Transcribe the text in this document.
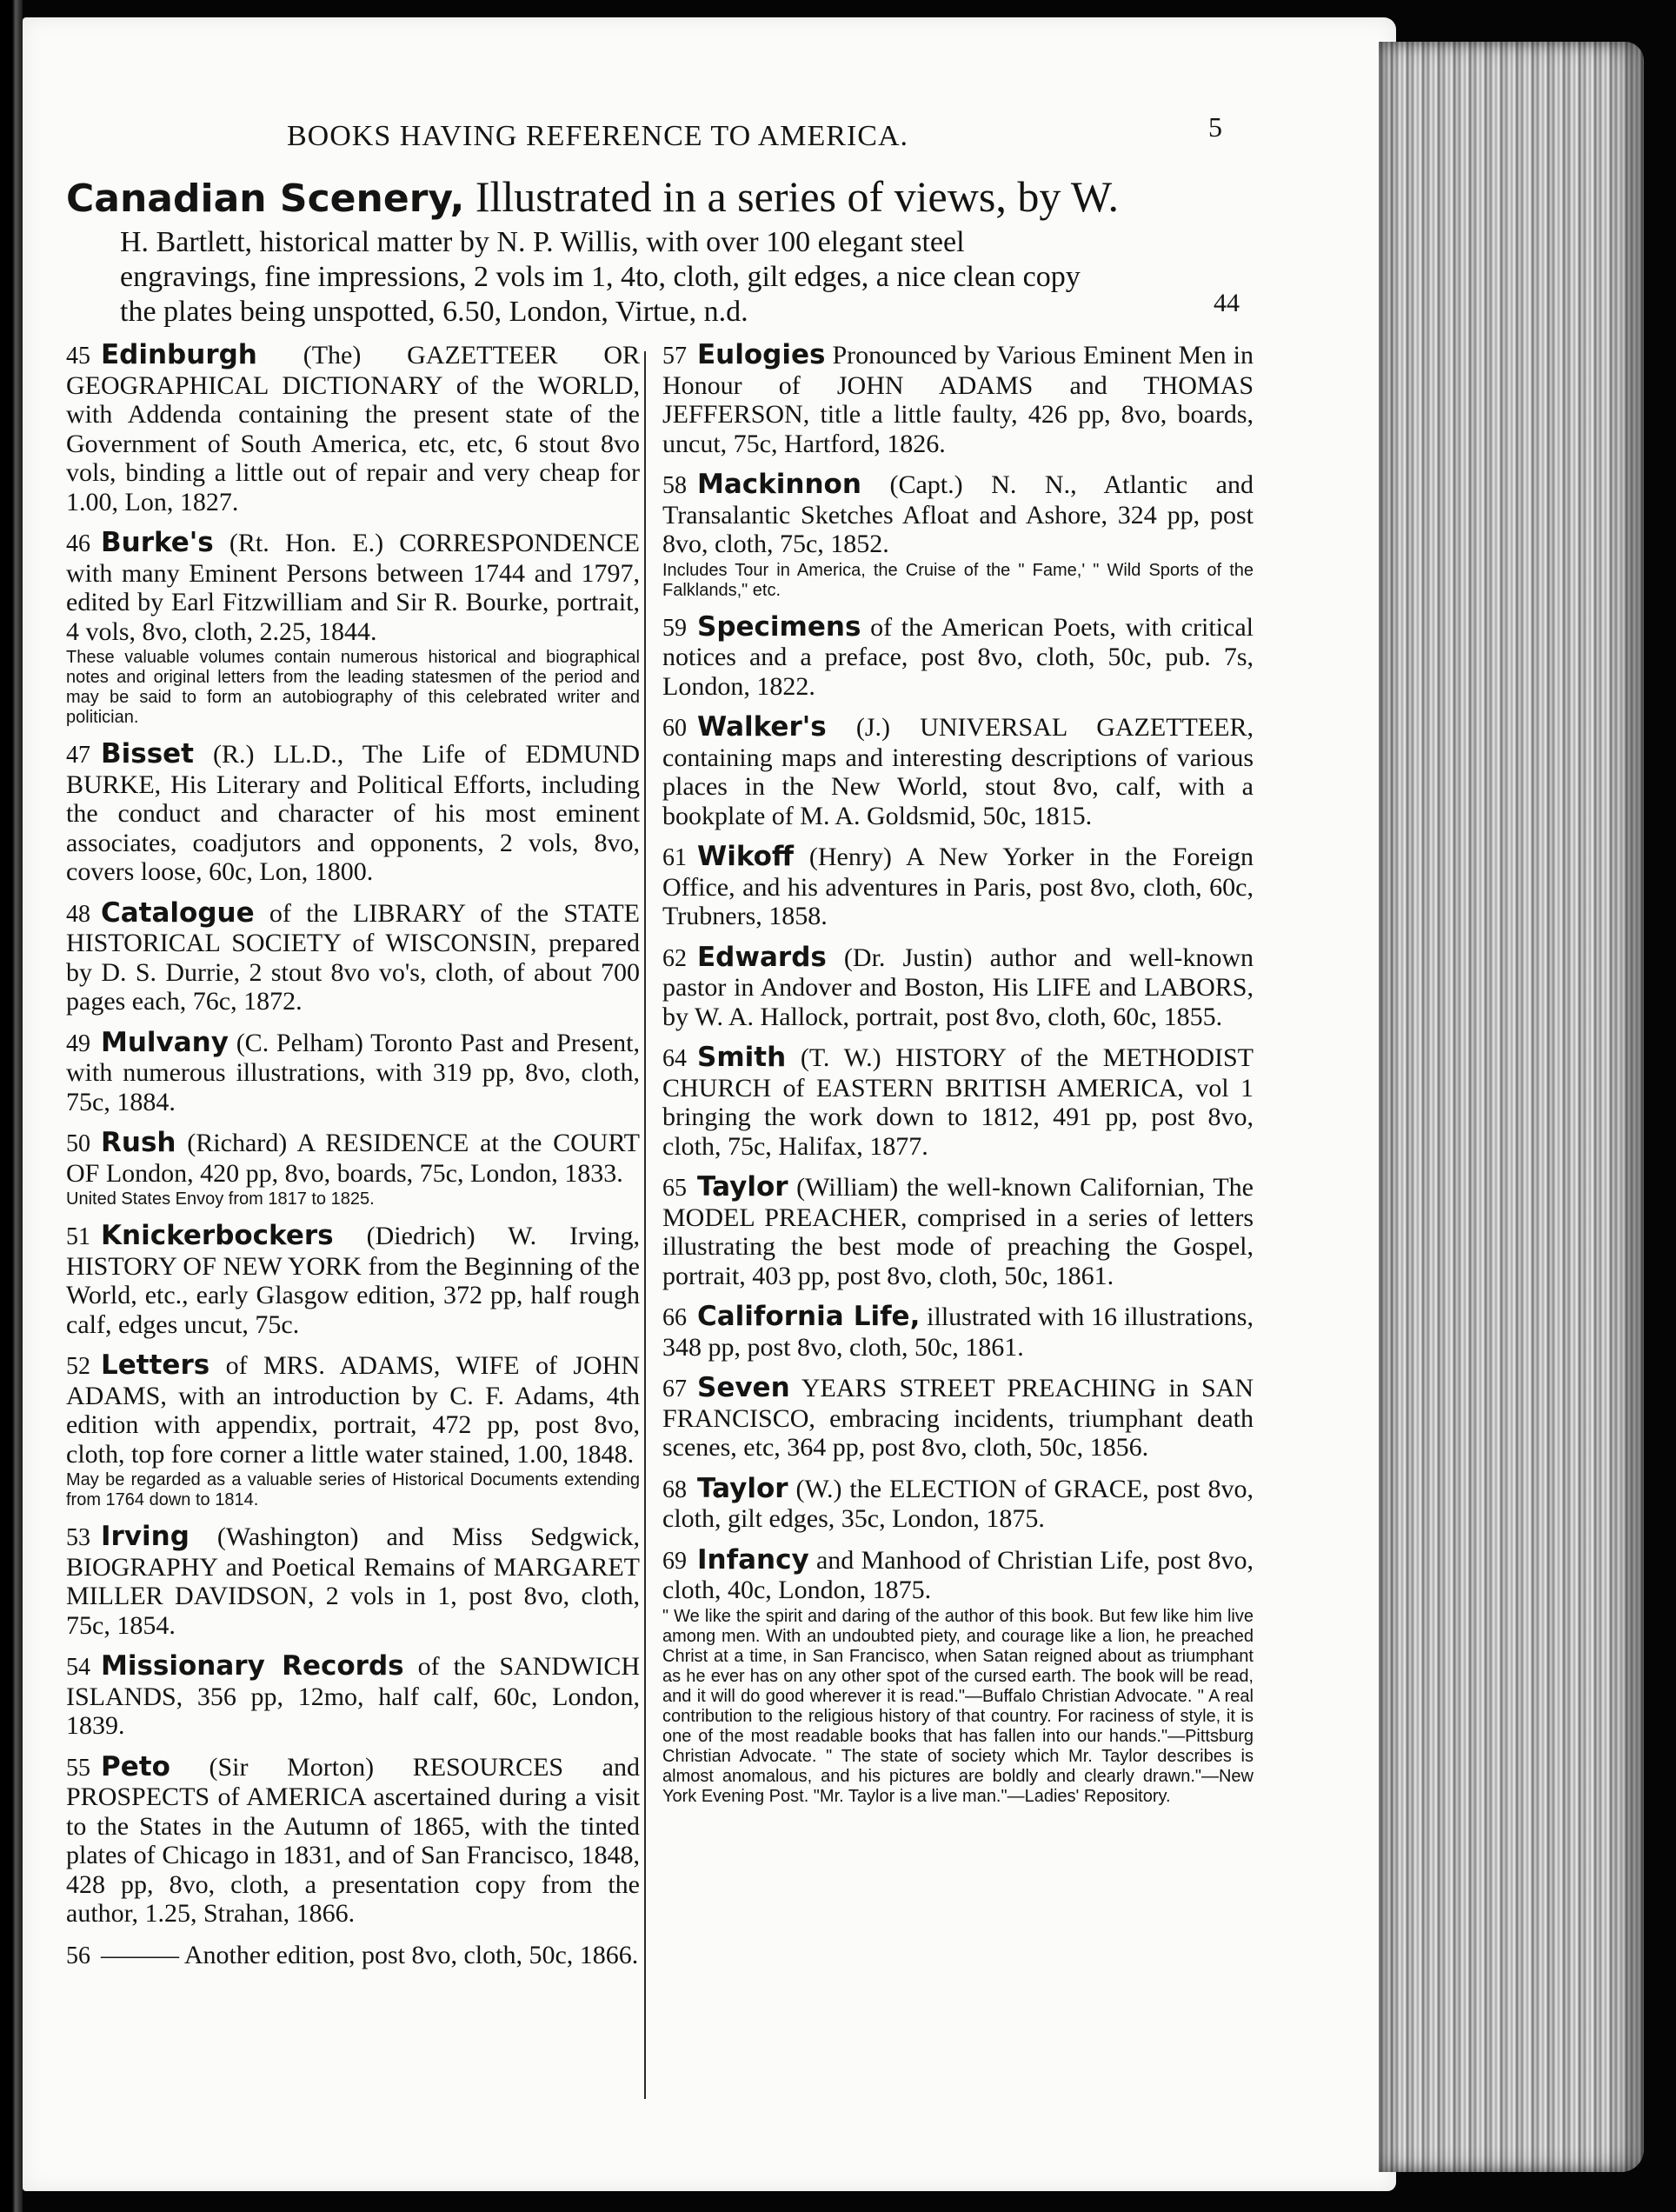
BOOKS HAVING REFERENCE TO AMERICA.	5
Canadian Scenery, Illustrated in a series of views, by W.
H. Bartlett, historical matter by N. P. Willis, with over 100 elegant steel
engravings, fine impressions, 2 vols im 1, 4to, cloth, gilt edges, a nice clean copy
the plates being unspotted, 6.50, London, Virtue, n.d.	44
45 Edinburgh (The) GAZETTEER OR GEOGRAPHICAL DICTIONARY of the WORLD, with Addenda containing the present state of the Government of South America, etc, etc, 6 stout 8vo vols, binding a little out of repair and very cheap for 1.00, Lon, 1827.
46 Burke's (Rt. Hon. E.) CORRESPONDENCE with many Eminent Persons between 1744 and 1797, edited by Earl Fitzwilliam and Sir R. Bourke, portrait, 4 vols, 8vo, cloth, 2.25, 1844.
These valuable volumes contain numerous historical and biographical notes and original letters from the leading statesmen of the period and may be said to form an autobiography of this celebrated writer and politician.
47 Bisset (R.) LL.D., The Life of EDMUND BURKE, His Literary and Political Efforts, including the conduct and character of his most eminent associates, coadjutors and opponents, 2 vols, 8vo, covers loose, 60c, Lon, 1800.
48 Catalogue of the LIBRARY of the STATE HISTORICAL SOCIETY of WISCONSIN, prepared by D. S. Durrie, 2 stout 8vo vo's, cloth, of about 700 pages each, 76c, 1872.
49 Mulvany (C. Pelham) Toronto Past and Present, with numerous illustrations, with 319 pp, 8vo, cloth, 75c, 1884.
50 Rush (Richard) A RESIDENCE at the COURT OF London, 420 pp, 8vo, boards, 75c, London, 1833.
United States Envoy from 1817 to 1825.
51 Knickerbockers (Diedrich) W. Irving, HISTORY OF NEW YORK from the Beginning of the World, etc., early Glasgow edition, 372 pp, half rough calf, edges uncut, 75c.
52 Letters of MRS. ADAMS, WIFE of JOHN ADAMS, with an introduction by C. F. Adams, 4th edition with appendix, portrait, 472 pp, post 8vo, cloth, top fore corner a little water stained, 1.00, 1848.
May be regarded as a valuable series of Historical Documents extending from 1764 down to 1814.
53 Irving (Washington) and Miss Sedgwick, BIOGRAPHY and Poetical Remains of MARGARET MILLER DAVIDSON, 2 vols in 1, post 8vo, cloth, 75c, 1854.
54 Missionary Records of the SANDWICH ISLANDS, 356 pp, 12mo, half calf, 60c, London, 1839.
55 Peto (Sir Morton) RESOURCES and PROSPECTS of AMERICA ascertained during a visit to the States in the Autumn of 1865, with the tinted plates of Chicago in 1831, and of San Francisco, 1848, 428 pp, 8vo, cloth, a presentation copy from the author, 1.25, Strahan, 1866.
56 ——— Another edition, post 8vo, cloth, 50c, 1866.
57 Eulogies Pronounced by Various Eminent Men in Honour of JOHN ADAMS and THOMAS JEFFERSON, title a little faulty, 426 pp, 8vo, boards, uncut, 75c, Hartford, 1826.
58 Mackinnon (Capt.) N. N., Atlantic and Transalantic Sketches Afloat and Ashore, 324 pp, post 8vo, cloth, 75c, 1852.
Includes Tour in America, the Cruise of the " Fame,' " Wild Sports of the Falklands," etc.
59 Specimens of the American Poets, with critical notices and a preface, post 8vo, cloth, 50c, pub. 7s, London, 1822.
60 Walker's (J.) UNIVERSAL GAZETTEER, containing maps and interesting descriptions of various places in the New World, stout 8vo, calf, with a bookplate of M. A. Goldsmid, 50c, 1815.
61 Wikoff (Henry) A New Yorker in the Foreign Office, and his adventures in Paris, post 8vo, cloth, 60c, Trubners, 1858.
62 Edwards (Dr. Justin) author and well-known pastor in Andover and Boston, His LIFE and LABORS, by W. A. Hallock, portrait, post 8vo, cloth, 60c, 1855.
64 Smith (T. W.) HISTORY of the METHODIST CHURCH of EASTERN BRITISH AMERICA, vol 1 bringing the work down to 1812, 491 pp, post 8vo, cloth, 75c, Halifax, 1877.
65 Taylor (William) the well-known Californian, The MODEL PREACHER, comprised in a series of letters illustrating the best mode of preaching the Gospel, portrait, 403 pp, post 8vo, cloth, 50c, 1861.
66 California Life, illustrated with 16 illustrations, 348 pp, post 8vo, cloth, 50c, 1861.
67 Seven YEARS STREET PREACHING in SAN FRANCISCO, embracing incidents, triumphant death scenes, etc, 364 pp, post 8vo, cloth, 50c, 1856.
68 Taylor (W.) the ELECTION of GRACE, post 8vo, cloth, gilt edges, 35c, London, 1875.
69 Infancy and Manhood of Christian Life, post 8vo, cloth, 40c, London, 1875.
" We like the spirit and daring of the author of this book. But few like him live among men. With an undoubted piety, and courage like a lion, he preached Christ at a time, in San Francisco, when Satan reigned about as triumphant as he ever has on any other spot of the cursed earth. The book will be read, and it will do good wherever it is read."—Buffalo Christian Advocate. " A real contribution to the religious history of that country. For raciness of style, it is one of the most readable books that has fallen into our hands."—Pittsburg Christian Advocate. " The state of society which Mr. Taylor describes is almost anomalous, and his pictures are boldly and clearly drawn."—New York Evening Post. "Mr. Taylor is a live man."—Ladies' Repository.
